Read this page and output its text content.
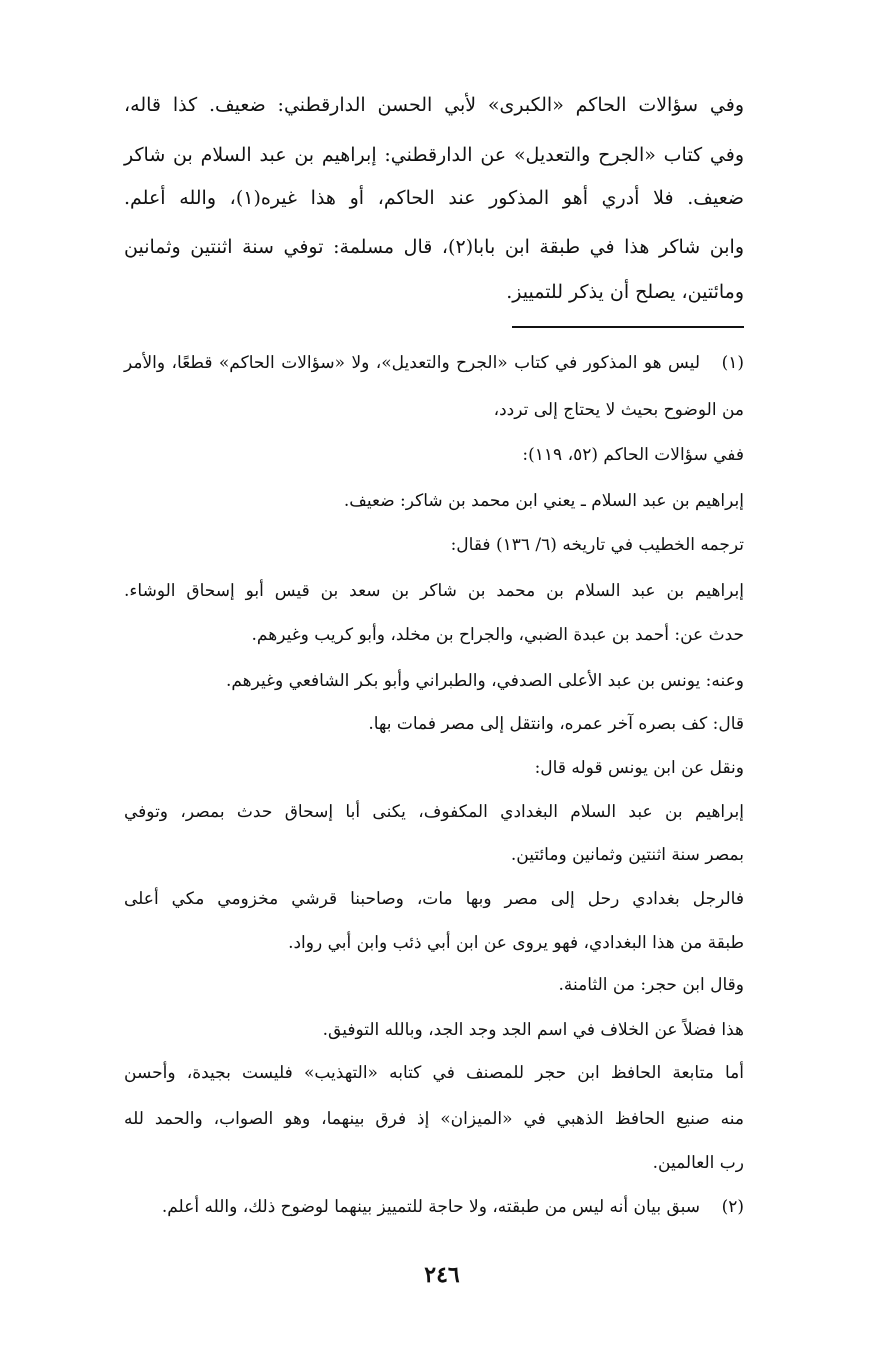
وفي سؤالات الحاكم «الكبرى» لأبي الحسن الدارقطني: ضعيف. كذا قاله،
وفي كتاب «الجرح والتعديل» عن الدارقطني: إبراهيم بن عبد السلام بن شاكر
ضعيف. فلا أدري أهو المذكور عند الحاكم، أو هذا غيره(١)، والله أعلم.
وابن شاكر هذا في طبقة ابن بابا(٢)، قال مسلمة: توفي سنة اثنتين وثمانين
ومائتين، يصلح أن يذكر للتمييز.
(١)
ليس هو المذكور في كتاب «الجرح والتعديل»، ولا «سؤالات الحاكم» قطعًا، والأمر
من الوضوح بحيث لا يحتاج إلى تردد،
ففي سؤالات الحاكم (٥٢، ١١٩):
إبراهيم بن عبد السلام ـ يعني ابن محمد بن شاكر: ضعيف.
ترجمه الخطيب في تاريخه (٦/ ١٣٦) فقال:
إبراهيم بن عبد السلام بن محمد بن شاكر بن سعد بن قيس أبو إسحاق الوشاء.
حدث عن: أحمد بن عبدة الضبي، والجراح بن مخلد، وأبو كريب وغيرهم.
وعنه: يونس بن عبد الأعلى الصدفي، والطبراني وأبو بكر الشافعي وغيرهم.
قال: كف بصره آخر عمره، وانتقل إلى مصر فمات بها.
ونقل عن ابن يونس قوله قال:
إبراهيم بن عبد السلام البغدادي المكفوف، يكنى أبا إسحاق حدث بمصر، وتوفي
بمصر سنة اثنتين وثمانين ومائتين.
فالرجل بغدادي رحل إلى مصر وبها مات، وصاحبنا قرشي مخزومي مكي أعلى
طبقة من هذا البغدادي، فهو يروى عن ابن أبي ذئب وابن أبي رواد.
وقال ابن حجر: من الثامنة.
هذا فضلاً عن الخلاف في اسم الجد وجد الجد، وبالله التوفيق.
أما متابعة الحافظ ابن حجر للمصنف في كتابه «التهذيب» فليست بجيدة، وأحسن
منه صنيع الحافظ الذهبي في «الميزان» إذ فرق بينهما، وهو الصواب، والحمد لله
رب العالمين.
(٢)
سبق بيان أنه ليس من طبقته، ولا حاجة للتمييز بينهما لوضوح ذلك، والله أعلم.
٢٤٦
